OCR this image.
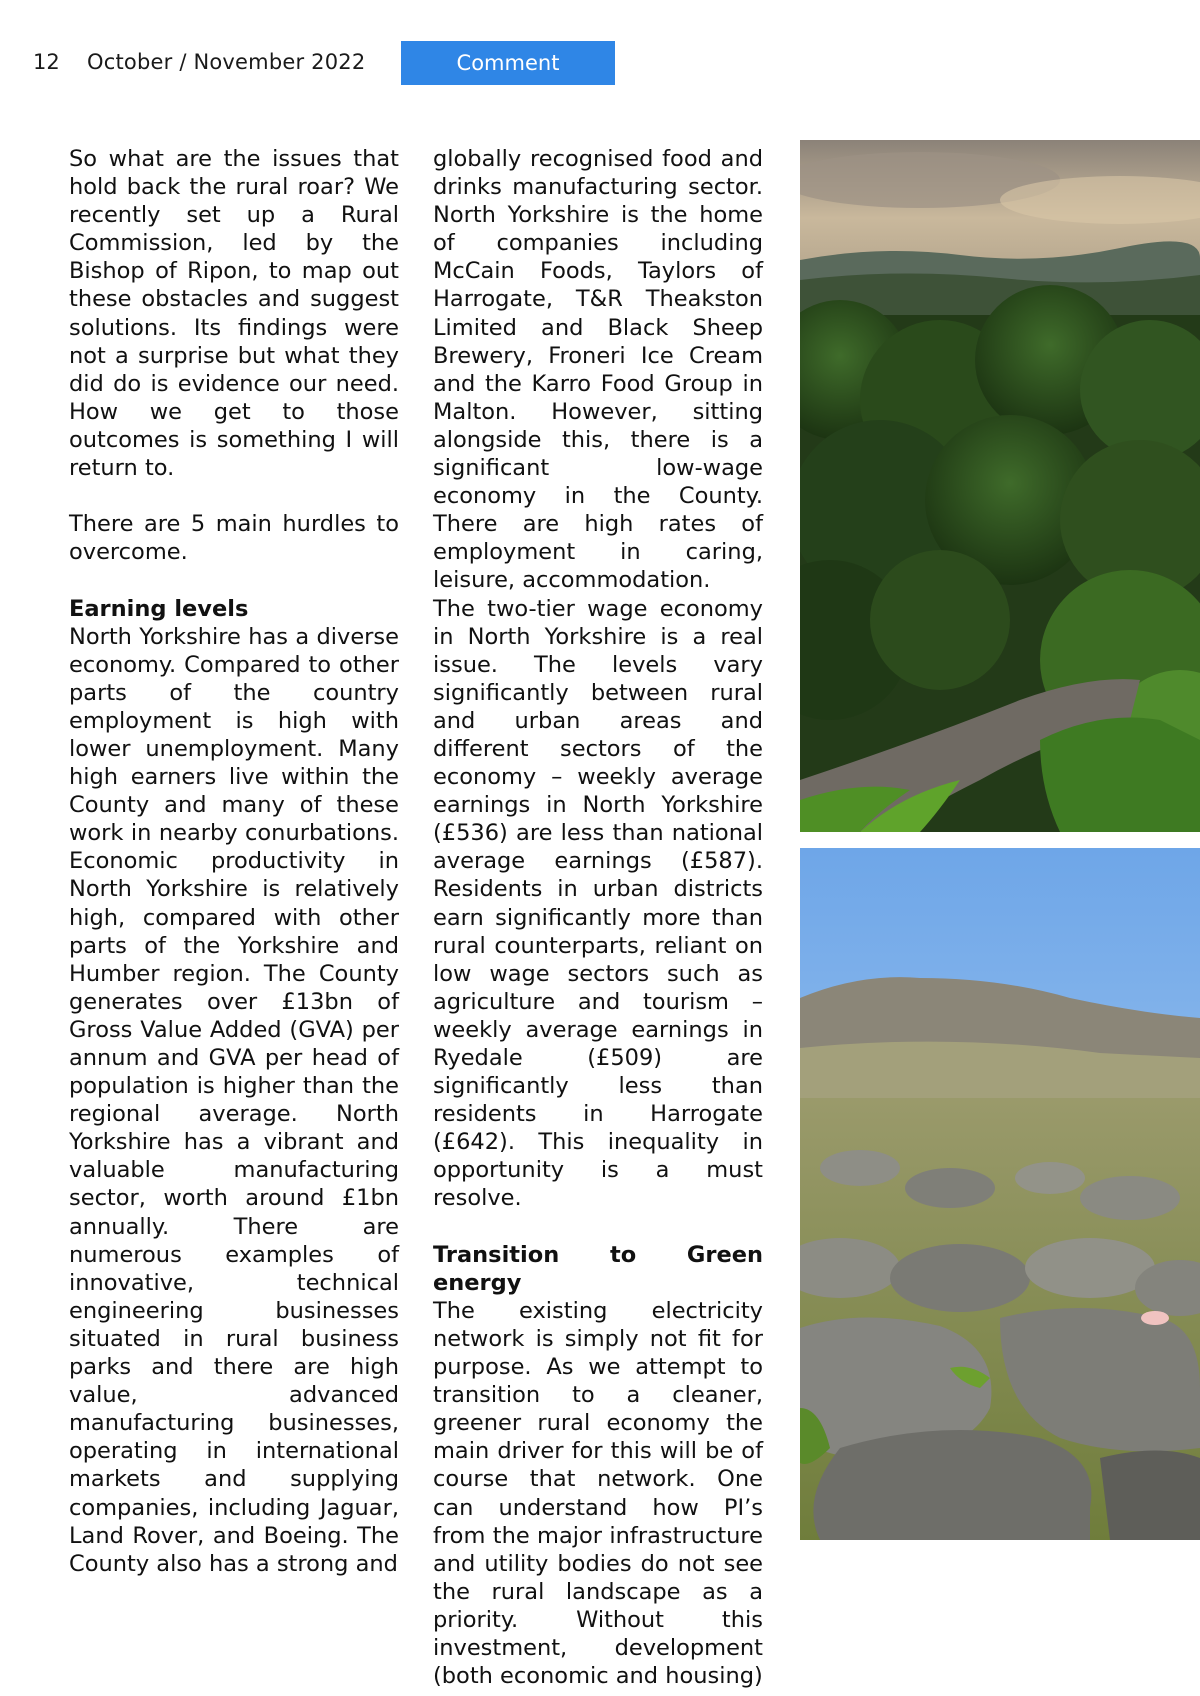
12 October / November 2022	Comment

So what are the issues that hold back the rural roar? We recently set up a Rural Commission, led by the Bishop of Ripon, to map out these obstacles and suggest solutions. Its findings were not a surprise but what they did do is evidence our need. How we get to those outcomes is something I will return to.

There are 5 main hurdles to overcome.

Earning levels

North Yorkshire has a diverse economy. Compared to other parts of the country employment is high with lower unemployment. Many high earners live within the County and many of these work in nearby conurbations. Economic productivity in North Yorkshire is relatively high, compared with other parts of the Yorkshire and Humber region. The County generates over £13bn of Gross Value Added (GVA) per annum and GVA per head of population is higher than the regional average. North Yorkshire has a vibrant and valuable manufacturing sector, worth around £1bn annually. There are numerous examples of innovative, technical engineering businesses situated in rural business parks and there are high value, advanced manufacturing businesses, operating in international markets and supplying companies, including Jaguar, Land Rover, and Boeing. The County also has a strong and

globally recognised food and drinks manufacturing sector. North Yorkshire is the home of companies including McCain Foods, Taylors of Harrogate, T&R Theakston Limited and Black Sheep Brewery, Froneri Ice Cream and the Karro Food Group in Malton. However, sitting alongside this, there is a significant low-wage economy in the County. There are high rates of employment in caring, leisure, accommodation.

The two-tier wage economy in North Yorkshire is a real issue. The levels vary significantly between rural and urban areas and different sectors of the economy – weekly average earnings in North Yorkshire (£536) are less than national average earnings (£587). Residents in urban districts earn significantly more than rural counterparts, reliant on low wage sectors such as agriculture and tourism – weekly average earnings in Ryedale (£509) are significantly less than residents in Harrogate (£642). This inequality in opportunity is a must resolve.

Transition to Green energy

The existing electricity network is simply not fit for purpose. As we attempt to transition to a cleaner, greener rural economy the main driver for this will be of course that network. One can understand how PI’s from the major infrastructure and utility bodies do not see the rural landscape as a priority. Without this investment, development (both economic and housing)
